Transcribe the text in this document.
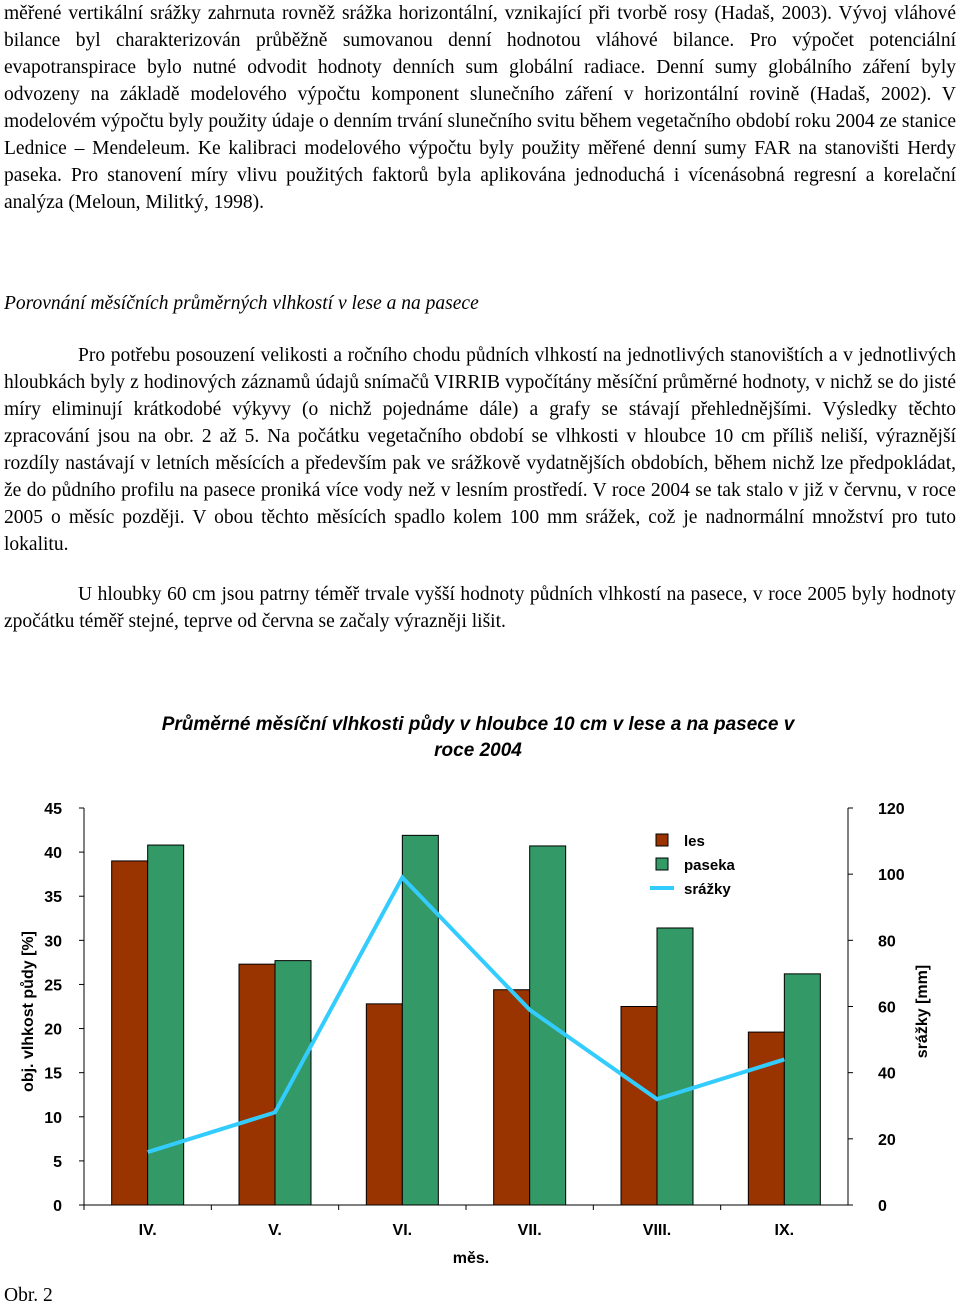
měřené vertikální srážky zahrnuta rovněž srážka horizontální, vznikající při tvorbě rosy (Hadaš, 2003). Vývoj vláhové bilance byl charakterizován průběžně sumovanou denní hodnotou vláhové bilance. Pro výpočet potenciální evapotranspirace bylo nutné odvodit hodnoty denních sum globální radiace. Denní sumy globálního záření byly odvozeny na základě modelového výpočtu komponent slunečního záření v horizontální rovině (Hadaš, 2002). V modelovém výpočtu byly použity údaje o denním trvání slunečního svitu během vegetačního období roku 2004 ze stanice Lednice – Mendeleum. Ke kalibraci modelového výpočtu byly použity měřené denní sumy FAR na stanovišti Herdy paseka. Pro stanovení míry vlivu použitých faktorů byla aplikována jednoduchá i vícenásobná regresní a korelační analýza (Meloun, Militký, 1998).

Porovnání měsíčních průměrných vlhkostí v lese a na pasece

Pro potřebu posouzení velikosti a ročního chodu půdních vlhkostí na jednotlivých stanovištích a v jednotlivých hloubkách byly z hodinových záznamů údajů snímačů VIRRIB vypočítány měsíční průměrné hodnoty, v nichž se do jisté míry eliminují krátkodobé výkyvy (o nichž pojednáme dále) a grafy se stávají přehlednějšími. Výsledky těchto zpracování jsou na obr. 2 až 5. Na počátku vegetačního období se vlhkosti v hloubce 10 cm příliš neliší, výraznější rozdíly nastávají v letních měsících a především pak ve srážkově vydatnějších obdobích, během nichž lze předpokládat, že do půdního profilu na pasece proniká více vody než v lesním prostředí. V roce 2004 se tak stalo v již v červnu, v roce 2005 o měsíc později. V obou těchto měsících spadlo kolem 100 mm srážek, což je nadnormální množství pro tuto lokalitu.

U hloubky 60 cm jsou patrny téměř trvale vyšší hodnoty půdních vlhkostí na pasece, v roce 2005 byly hodnoty zpočátku téměř stejné, teprve od června se začaly výrazněji lišit.

Průměrné měsíční vlhkosti půdy v hloubce 10 cm v lese a na pasece v
roce 2004
0
5
10
15
20
25
30
35
40
45
0
20
40
60
80
100
120
IV.	V.	VI.	VII.	VIII.	IX.
měs.
obj. vlhkost půdy [%]	srážky [mm]
les
paseka
srážky

Obr. 2
